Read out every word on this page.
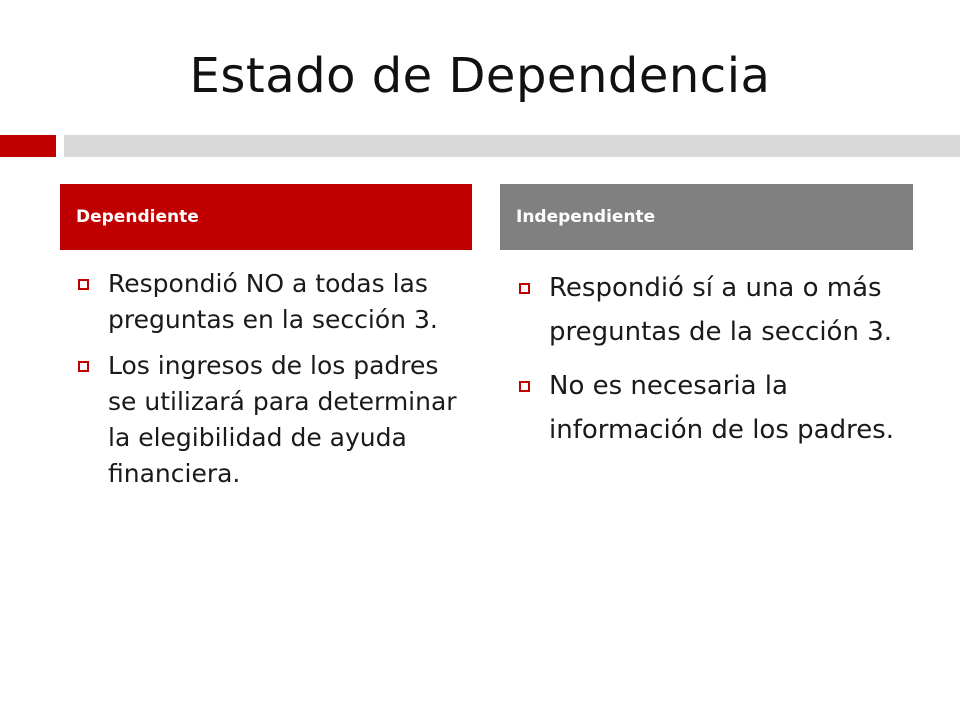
Estado de Dependencia
Dependiente	Independiente
Respondió NO a todas las preguntas en la sección 3.
Los ingresos de los padres se utilizará para determinar la elegibilidad de ayuda financiera.
Respondió sí a una o más preguntas de la sección 3.
No es necesaria la información de los padres.
